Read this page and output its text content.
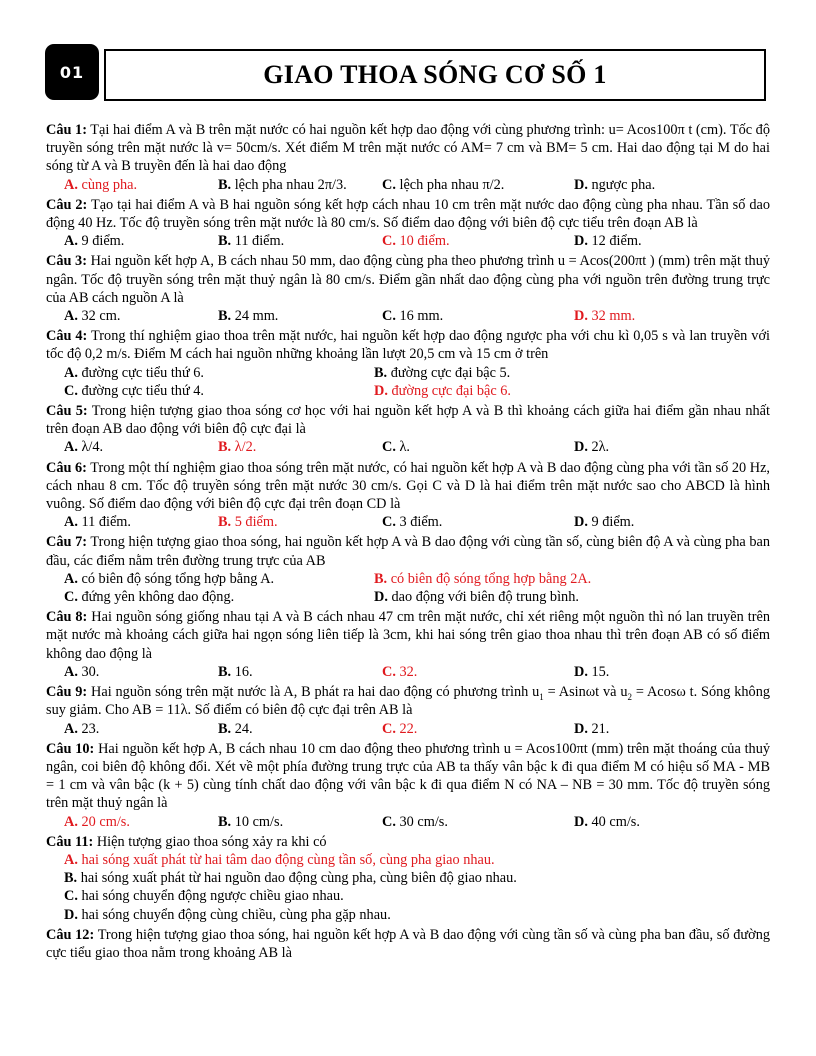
01	GIAO THOA SÓNG CƠ SỐ 1
Câu 1: Tại hai điểm A và B trên mặt nước có hai nguồn kết hợp dao động với cùng phương trình: u= Acos100π t (cm). Tốc độ truyền sóng trên mặt nước là v= 50cm/s. Xét điểm M trên mặt nước có AM= 7 cm và BM= 5 cm. Hai dao động tại M do hai sóng từ A và B truyền đến là hai dao động
A. cùng pha.	B. lệch pha nhau 2π/3.	C. lệch pha nhau π/2.	D. ngược pha.
Câu 2: Tạo tại hai điểm A và B hai nguồn sóng kết hợp cách nhau 10 cm trên mặt nước dao động cùng pha nhau. Tần số dao động 40 Hz. Tốc độ truyền sóng trên mặt nước là 80 cm/s. Số điểm dao động với biên độ cực tiểu trên đoạn AB là
A. 9 điểm.	B. 11 điểm.	C. 10 điểm.	D. 12 điểm.
Câu 3: Hai nguồn kết hợp A, B cách nhau 50 mm, dao động cùng pha theo phương trình u = Acos(200πt ) (mm) trên mặt thuỷ ngân. Tốc độ truyền sóng trên mặt thuỷ ngân là 80 cm/s. Điểm gần nhất dao động cùng pha với nguồn trên đường trung trực của AB cách nguồn A là
A. 32 cm.	B. 24 mm.	C. 16 mm.	D. 32 mm.
Câu 4: Trong thí nghiệm giao thoa trên mặt nước, hai nguồn kết hợp dao động ngược pha với chu kì 0,05 s và lan truyền với tốc độ 0,2 m/s. Điểm M cách hai nguồn những khoảng lần lượt 20,5 cm và 15 cm ở trên
A. đường cực tiểu thứ 6.	B. đường cực đại bậc 5.
C. đường cực tiểu thứ 4.	D. đường cực đại bậc 6.
Câu 5: Trong hiện tượng giao thoa sóng cơ học với hai nguồn kết hợp A và B thì khoảng cách giữa hai điểm gần nhau nhất trên đoạn AB dao động với biên độ cực đại là
A. λ/4.	B. λ/2.	C. λ.	D. 2λ.
Câu 6: Trong một thí nghiệm giao thoa sóng trên mặt nước, có hai nguồn kết hợp A và B dao động cùng pha với tần số 20 Hz, cách nhau 8 cm. Tốc độ truyền sóng trên mặt nước 30 cm/s. Gọi C và D là hai điểm trên mặt nước sao cho ABCD là hình vuông. Số điểm dao động với biên độ cực đại trên đoạn CD là
A. 11 điểm.	B. 5 điểm.	C. 3 điểm.	D. 9 điểm.
Câu 7: Trong hiện tượng giao thoa sóng, hai nguồn kết hợp A và B dao động với cùng tần số, cùng biên độ A và cùng pha ban đầu, các điểm nằm trên đường trung trực của AB
A. có biên độ sóng tổng hợp bằng A.	B. có biên độ sóng tổng hợp bằng 2A.
C. đứng yên không dao động.	D. dao động với biên độ trung bình.
Câu 8: Hai nguồn sóng giống nhau tại A và B cách nhau 47 cm trên mặt nước, chỉ xét riêng một nguồn thì nó lan truyền trên mặt nước mà khoảng cách giữa hai ngọn sóng liên tiếp là 3cm, khi hai sóng trên giao thoa nhau thì trên đoạn AB có số điểm không dao động là
A. 30.	B. 16.	C. 32.	D. 15.
Câu 9: Hai nguồn sóng trên mặt nước là A, B phát ra hai dao động có phương trình $u_1 = Asin\omega t$ và $u_2 = Acos\omega$ t. Sóng không suy giảm. Cho AB = 11λ. Số điểm có biên độ cực đại trên AB là
A. 23.	B. 24.	C. 22.	D. 21.
Câu 10: Hai nguồn kết hợp A, B cách nhau 10 cm dao động theo phương trình u = Acos100πt (mm) trên mặt thoáng của thuỷ ngân, coi biên độ không đổi. Xét về một phía đường trung trực của AB ta thấy vân bậc k đi qua điểm M có hiệu số MA - MB = 1 cm và vân bậc (k + 5) cùng tính chất dao động với vân bậc k đi qua điểm N có NA – NB = 30 mm. Tốc độ truyền sóng trên mặt thuỷ ngân là
A. 20 cm/s.	B. 10 cm/s.	C. 30 cm/s.	D. 40 cm/s.
Câu 11: Hiện tượng giao thoa sóng xảy ra khi có
A. hai sóng xuất phát từ hai tâm dao động cùng tần số, cùng pha giao nhau.
B. hai sóng xuất phát từ hai nguồn dao động cùng pha, cùng biên độ giao nhau.
C. hai sóng chuyển động ngược chiều giao nhau.
D. hai sóng chuyển động cùng chiều, cùng pha gặp nhau.
Câu 12: Trong hiện tượng giao thoa sóng, hai nguồn kết hợp A và B dao động với cùng tần số và cùng pha ban đầu, số đường cực tiểu giao thoa nằm trong khoảng AB là
